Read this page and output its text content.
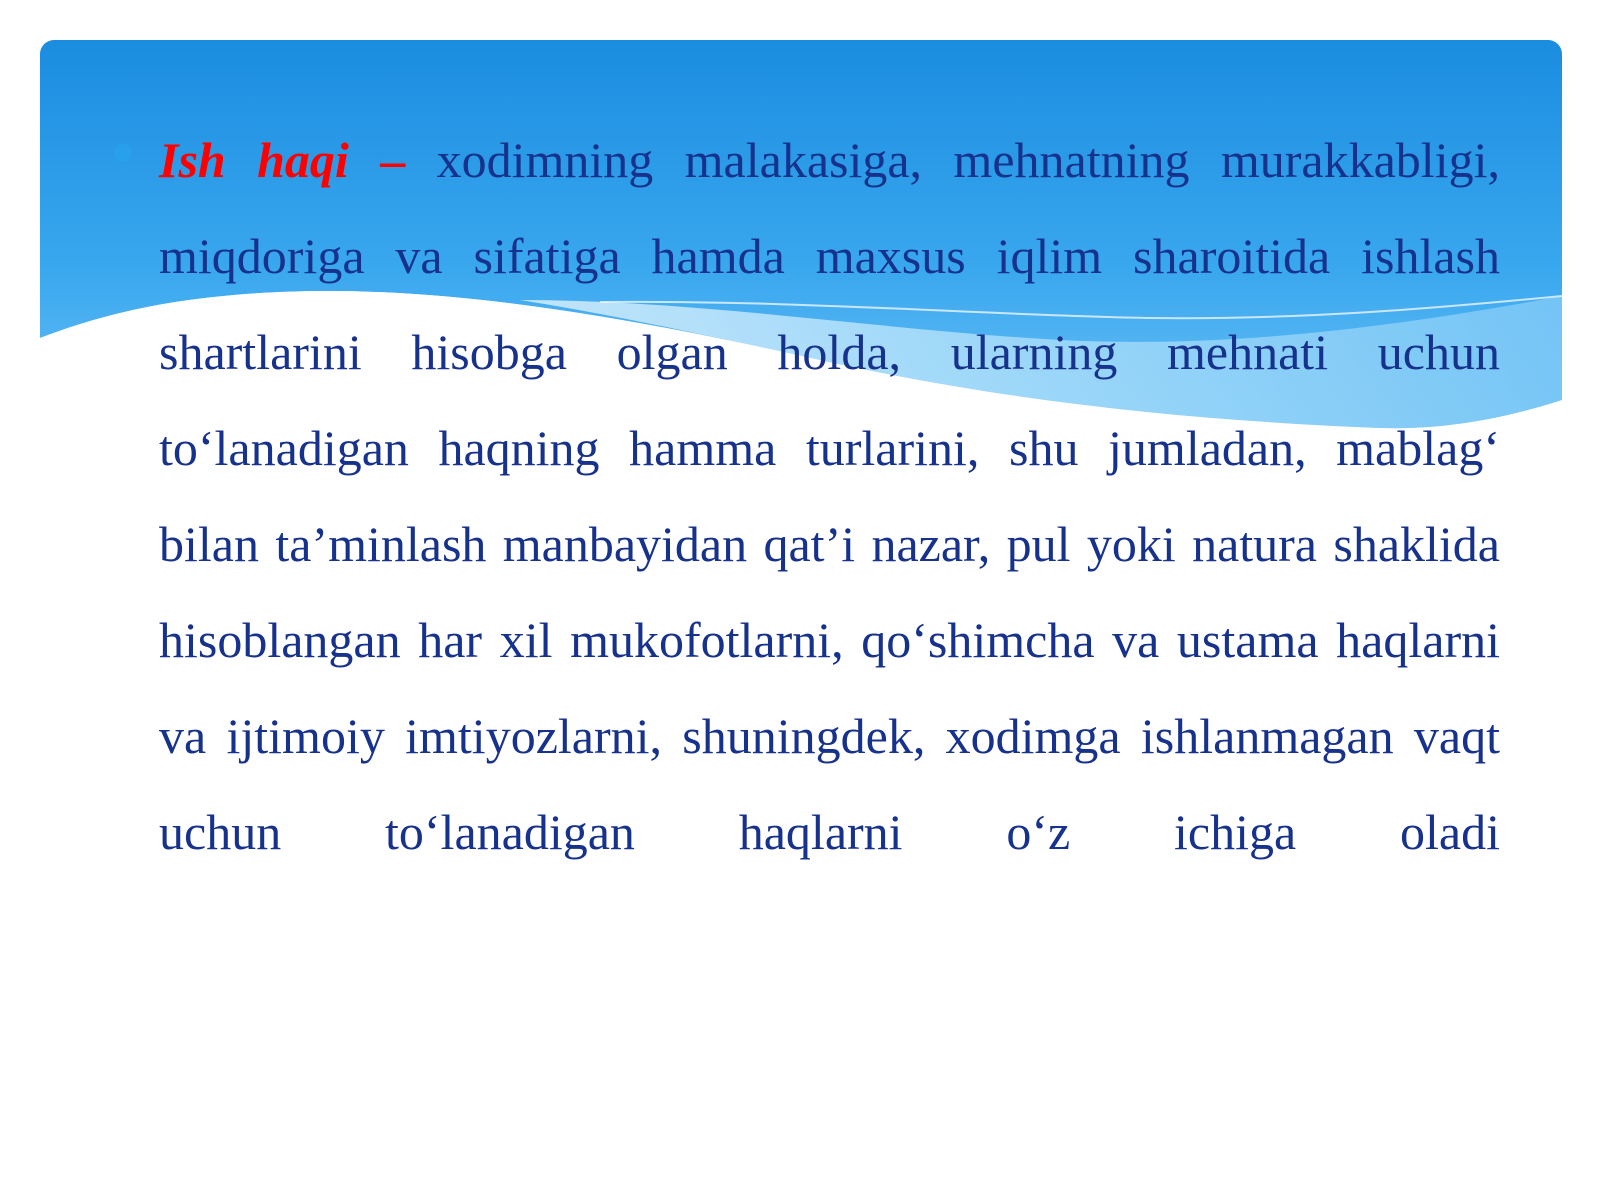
Ish haqi – xodimning malakasiga, mehnatning murakkabligi, miqdoriga va sifatiga hamda maxsus iqlim sharoitida ishlash shartlarini hisobga olgan holda, ularning mehnati uchun to‘lanadigan haqning hamma turlarini, shu jumladan, mablag‘ bilan ta’minlash manbayidan qat’i nazar, pul yoki natura shaklida hisoblangan har xil mukofotlarni, qo‘shimcha va ustama haqlarni va ijtimoiy imtiyozlarni, shuningdek, xodimga ishlanmagan vaqt uchun to‘lanadigan haqlarni o‘z ichiga oladi
